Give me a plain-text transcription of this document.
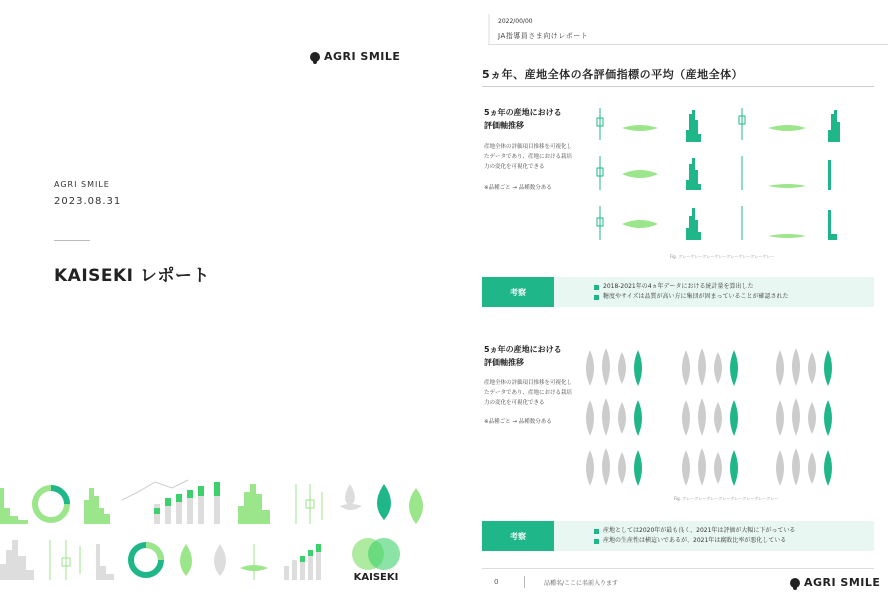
AGRI SMILE
AGRI SMILE
2023.08.31
KAISEKI レポート
KAISEKI
2022/00/00
JA指導員さま向けレポート
5ヵ年、産地全体の各評価指標の平均（産地全体）
5ヵ年の産地における
評価軸推移
産地全体の評価項目推移を可視化したデータであり、産地における栽培力の変化を可視化できる
※品種ごと → 品種数分ある
Fig. グレーグレーグレーグレーグレーグレーグレーグレー
考察
2018-2021年の4ヵ年データにおける統計量を算出した
糖度やサイズは品質が高い方に集団が固まっていることが確認された
5ヵ年の産地における
評価軸推移
産地全体の評価項目推移を可視化したデータであり、産地における栽培力の変化を可視化できる
※品種ごと → 品種数分ある
Fig. グレーグレーグレーグレーグレーグレーグレーグレー
考察
産地としては2020年が最も良く、2021年は評価が大幅に下がっている
産地の生産性は横這いであるが、2021年は腐敗比率が悪化している
0	品種名/ここに名前入ります	AGRI SMILE
